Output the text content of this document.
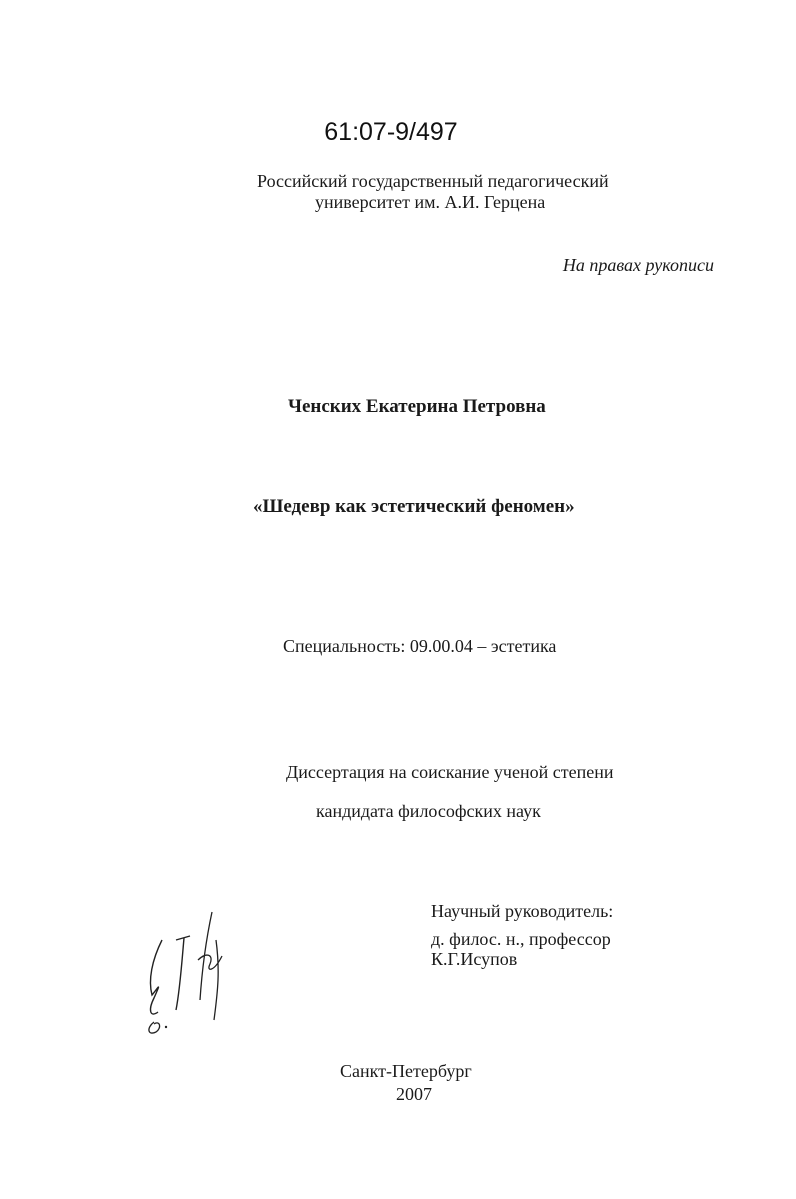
61:07-9/497
Российский государственный педагогический
университет им. А.И. Герцена
На правах рукописи
Ченских Екатерина Петровна
«Шедевр как эстетический феномен»
Специальность: 09.00.04 – эстетика
Диссертация на соискание ученой степени
кандидата философских наук
Научный руководитель:
д. филос. н., профессор
К.Г.Исупов
Санкт-Петербург
2007
